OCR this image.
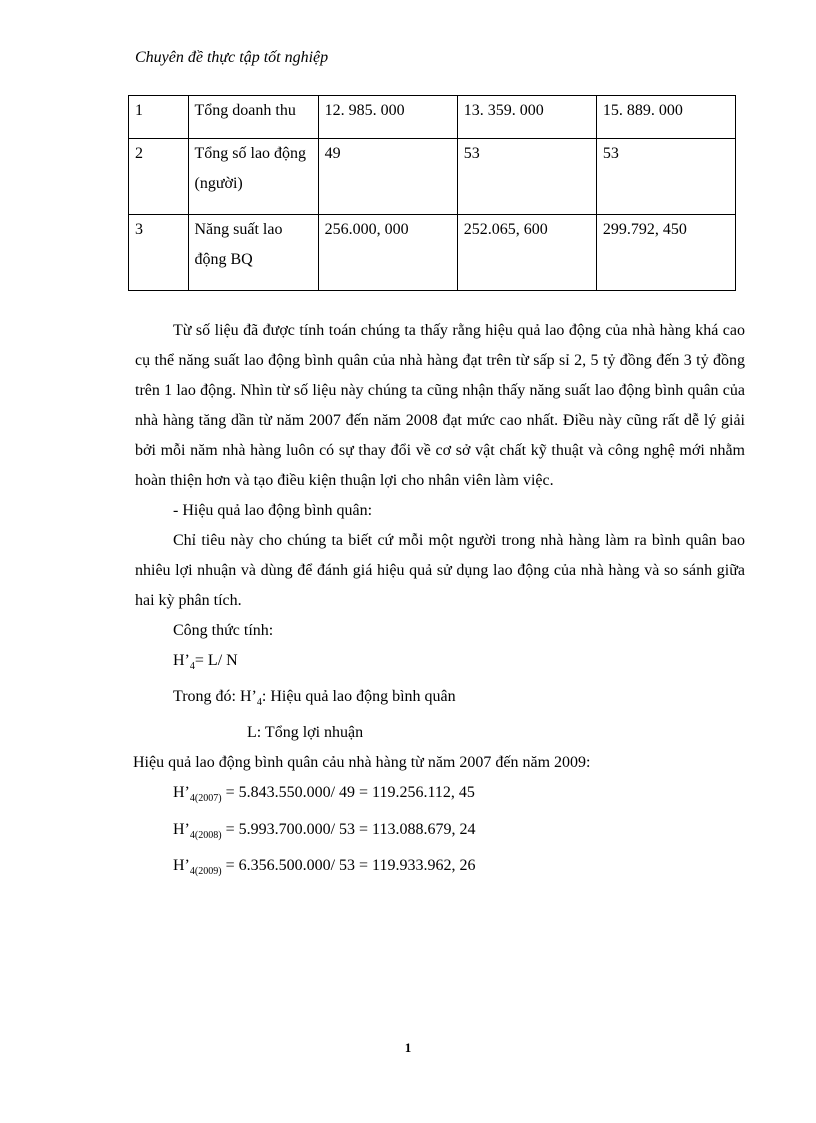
Chuyên đề thực tập tốt nghiệp
1	Tổng doanh thu	12. 985. 000	13. 359. 000	15. 889. 000
2	Tổng số lao động (người)	49	53	53
3	Năng suất lao động BQ	256.000, 000	252.065, 600	299.792, 450

Từ số liệu đã được tính toán chúng ta thấy rằng hiệu quả lao động của nhà hàng khá cao cụ thể năng suất lao động bình quân của nhà hàng đạt trên từ sấp sỉ 2, 5 tỷ đồng đến 3 tỷ đồng trên 1 lao động. Nhìn từ số liệu này chúng ta cũng nhận thấy năng suất lao động bình quân của nhà hàng tăng dần từ năm 2007 đến năm 2008 đạt mức cao nhất. Điều này cũng rất dễ lý giải bởi mỗi năm nhà hàng luôn có sự thay đổi về cơ sở vật chất kỹ thuật và công nghệ mới nhằm hoàn thiện hơn và tạo điều kiện thuận lợi cho nhân viên làm việc.

- Hiệu quả lao động bình quân:

Chỉ tiêu này cho chúng ta biết cứ mỗi một người trong nhà hàng làm ra bình quân bao nhiêu lợi nhuận và dùng để đánh giá hiệu quả sử dụng lao động của nhà hàng và so sánh giữa hai kỳ phân tích.

Công thức tính:

$H’_4= L/$ N

Trong đó: $H’_4$: Hiệu quả lao động bình quân

L: Tổng lợi nhuận

Hiệu quả lao động bình quân cảu nhà hàng từ năm 2007 đến năm 2009:

$H’_{4(2007)} = 5.843.550.000/$ 49 = 119.256.112, 45

$H’_{4(2008)} = 5.993.700.000/$ 53 = 113.088.679, 24

$H’_{4(2009)} = 6.356.500.000/$ 53 = 119.933.962, 26

1
